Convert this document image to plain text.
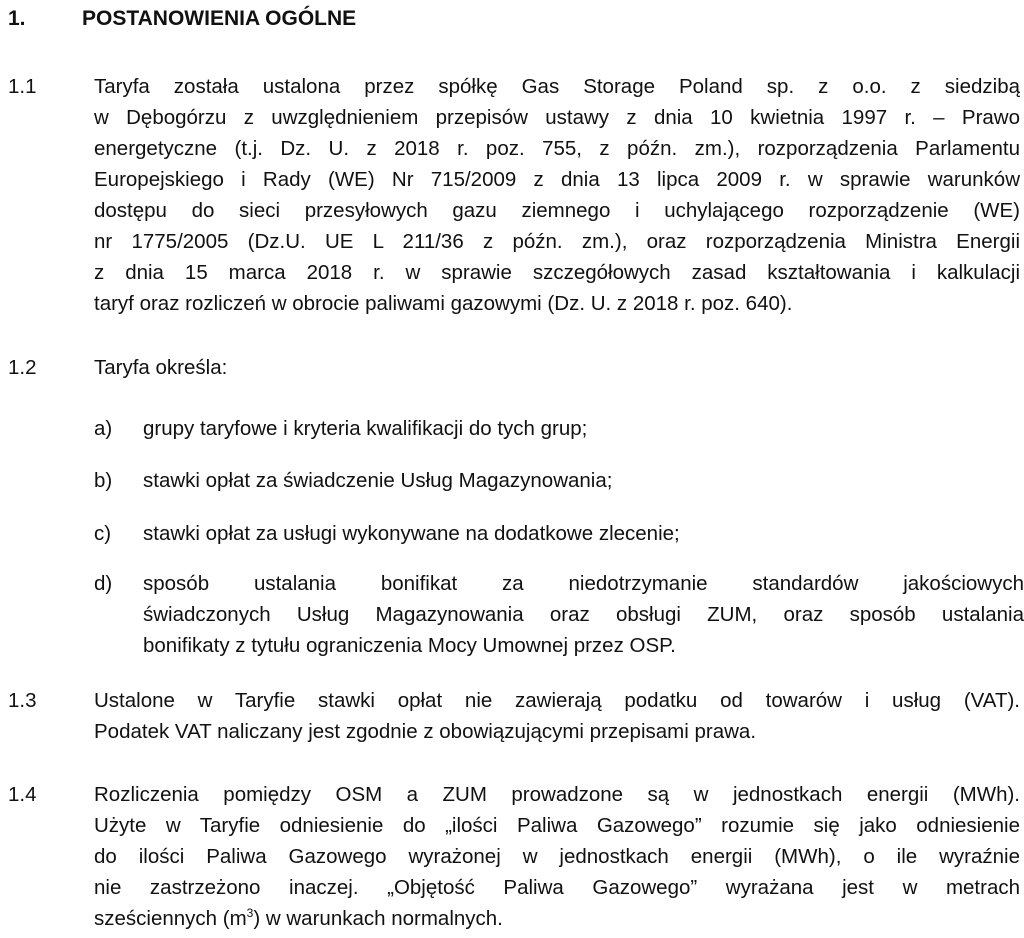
1.	POSTANOWIENIA OGÓLNE
1.1	Taryfa została ustalona przez spółkę Gas Storage Poland sp. z o.o. z siedzibą
w Dębogórzu z uwzględnieniem przepisów ustawy z dnia 10 kwietnia 1997 r. – Prawo
energetyczne (t.j. Dz. U. z 2018 r. poz. 755, z późn. zm.), rozporządzenia Parlamentu
Europejskiego i Rady (WE) Nr 715/2009 z dnia 13 lipca 2009 r. w sprawie warunków
dostępu do sieci przesyłowych gazu ziemnego i uchylającego rozporządzenie (WE)
nr 1775/2005 (Dz.U. UE L 211/36 z późn. zm.), oraz rozporządzenia Ministra Energii
z dnia 15 marca 2018 r. w sprawie szczegółowych zasad kształtowania i kalkulacji
taryf oraz rozliczeń w obrocie paliwami gazowymi (Dz. U. z 2018 r. poz. 640).
1.2	Taryfa określa:
a) grupy taryfowe i kryteria kwalifikacji do tych grup;
b) stawki opłat za świadczenie Usług Magazynowania;
c) stawki opłat za usługi wykonywane na dodatkowe zlecenie;
d) sposób ustalania bonifikat za niedotrzymanie standardów jakościowych
świadczonych Usług Magazynowania oraz obsługi ZUM, oraz sposób ustalania
bonifikaty z tytułu ograniczenia Mocy Umownej przez OSP.
1.3	Ustalone w Taryfie stawki opłat nie zawierają podatku od towarów i usług (VAT).
Podatek VAT naliczany jest zgodnie z obowiązującymi przepisami prawa.
1.4	Rozliczenia pomiędzy OSM a ZUM prowadzone są w jednostkach energii (MWh).
Użyte w Taryfie odniesienie do „ilości Paliwa Gazowego” rozumie się jako odniesienie
do ilości Paliwa Gazowego wyrażonej w jednostkach energii (MWh), o ile wyraźnie
nie zastrzeżono inaczej. „Objętość Paliwa Gazowego” wyrażana jest w metrach
sześciennych $(m^3)$ w warunkach normalnych.
